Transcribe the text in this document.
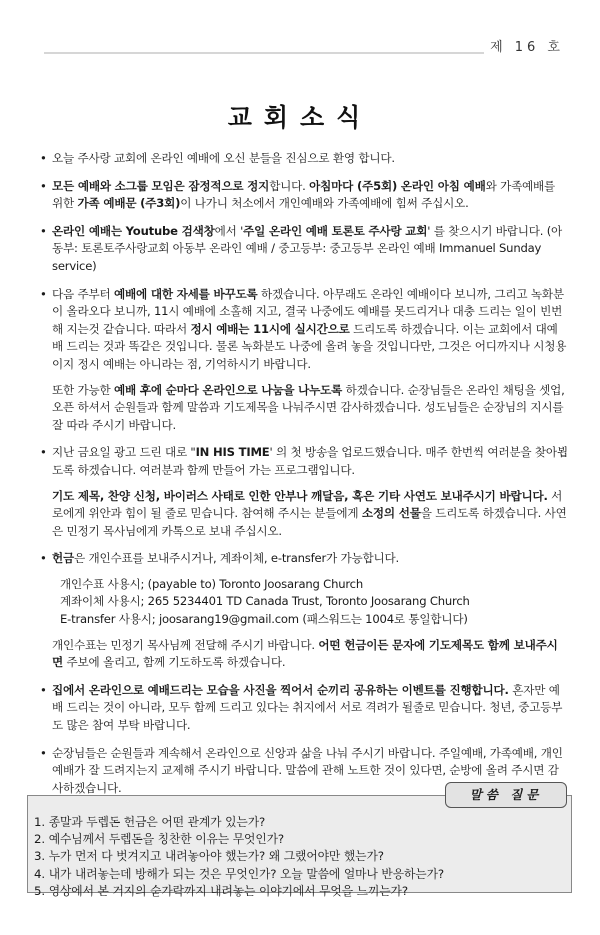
제 16 호
교회소식
• 오늘 주사랑 교회에 온라인 예배에 오신 분들을 진심으로 환영 합니다.
• 모든 예배와 소그룹 모임은 잠정적으로 정지합니다. 아침마다 (주5회) 온라인 아침 예배와 가족예배를 위한 가족 예배문 (주3회)이 나가니 처소에서 개인예배와 가족예배에 힘써 주십시오.
• 온라인 예배는 Youtube 검색창에서 '주일 온라인 예배 토론토 주사랑 교회' 를 찾으시기 바랍니다. (아동부: 토론토주사랑교회 아동부 온라인 예배 / 중고등부: 중고등부 온라인 예배 Immanuel Sunday service)
• 다음 주부터 예배에 대한 자세를 바꾸도록 하겠습니다. 아무래도 온라인 예배이다 보니까, 그리고 녹화분이 올라오다 보니까, 11시 예배에 소홀해 지고, 결국 나중에도 예배를 못드리거나 대충 드리는 일이 빈번해 지는것 같습니다. 따라서 정시 예배는 11시에 실시간으로 드리도록 하겠습니다. 이는 교회에서 대예배 드리는 것과 똑같은 것입니다. 물론 녹화분도 나중에 올려 놓을 것입니다만, 그것은 어디까지나 시청용이지 정시 예배는 아니라는 점, 기억하시기 바랍니다.
또한 가능한 예배 후에 순마다 온라인으로 나눔을 나누도록 하겠습니다. 순장님들은 온라인 채팅을 셋업, 오픈 하셔서 순원들과 함께 말씀과 기도제목을 나눠주시면 감사하겠습니다. 성도님들은 순장님의 지시를 잘 따라 주시기 바랍니다.
• 지난 금요일 광고 드린 대로 "IN HIS TIME' 의 첫 방송을 업로드했습니다. 매주 한번씩 여러분을 찾아뵙도록 하겠습니다. 여러분과 함께 만들어 가는 프로그램입니다.
기도 제목, 찬양 신청, 바이러스 사태로 인한 안부나 깨달음, 혹은 기타 사연도 보내주시기 바랍니다. 서로에게 위안과 힘이 될 줄로 믿습니다. 참여해 주시는 분들에게 소정의 선물을 드리도록 하겠습니다. 사연은 민정기 목사님에게 카톡으로 보내 주십시오.
• 헌금은 개인수표를 보내주시거나, 계좌이체, e-transfer가 가능합니다.
개인수표 사용시; (payable to) Toronto Joosarang Church
계좌이체 사용시; 265 5234401 TD Canada Trust, Toronto Joosarang Church
E-transfer 사용시; joosarang19@gmail.com (패스워드는 1004로 통일합니다)
개인수표는 민정기 목사님께 전달해 주시기 바랍니다. 어떤 헌금이든 문자에 기도제목도 함께 보내주시면 주보에 올리고, 함께 기도하도록 하겠습니다.
• 집에서 온라인으로 예배드리는 모습을 사진을 찍어서 순끼리 공유하는 이벤트를 진행합니다. 혼자만 예배 드리는 것이 아니라, 모두 함께 드리고 있다는 취지에서 서로 격려가 될줄로 믿습니다. 청년, 중고등부도 많은 참여 부탁 바랍니다.
• 순장님들은 순원들과 계속해서 온라인으로 신앙과 삶을 나눠 주시기 바랍니다. 주일예배, 가족예배, 개인예배가 잘 드려지는지 교제해 주시기 바랍니다. 말씀에 관해 노트한 것이 있다면, 순방에 올려 주시면 감사하겠습니다.	말씀 질문
1. 종말과 두렙돈 헌금은 어떤 관계가 있는가?
2. 예수님께서 두렙돈을 칭찬한 이유는 무엇인가?
3. 누가 먼저 다 벗겨지고 내려놓아야 했는가? 왜 그랬어야만 했는가?
4. 내가 내려놓는데 방해가 되는 것은 무엇인가? 오늘 말씀에 얼마나 반응하는가?
5. 영상에서 본 거지의 숟가락까지 내려놓는 이야기에서 무엇을 느끼는가?
